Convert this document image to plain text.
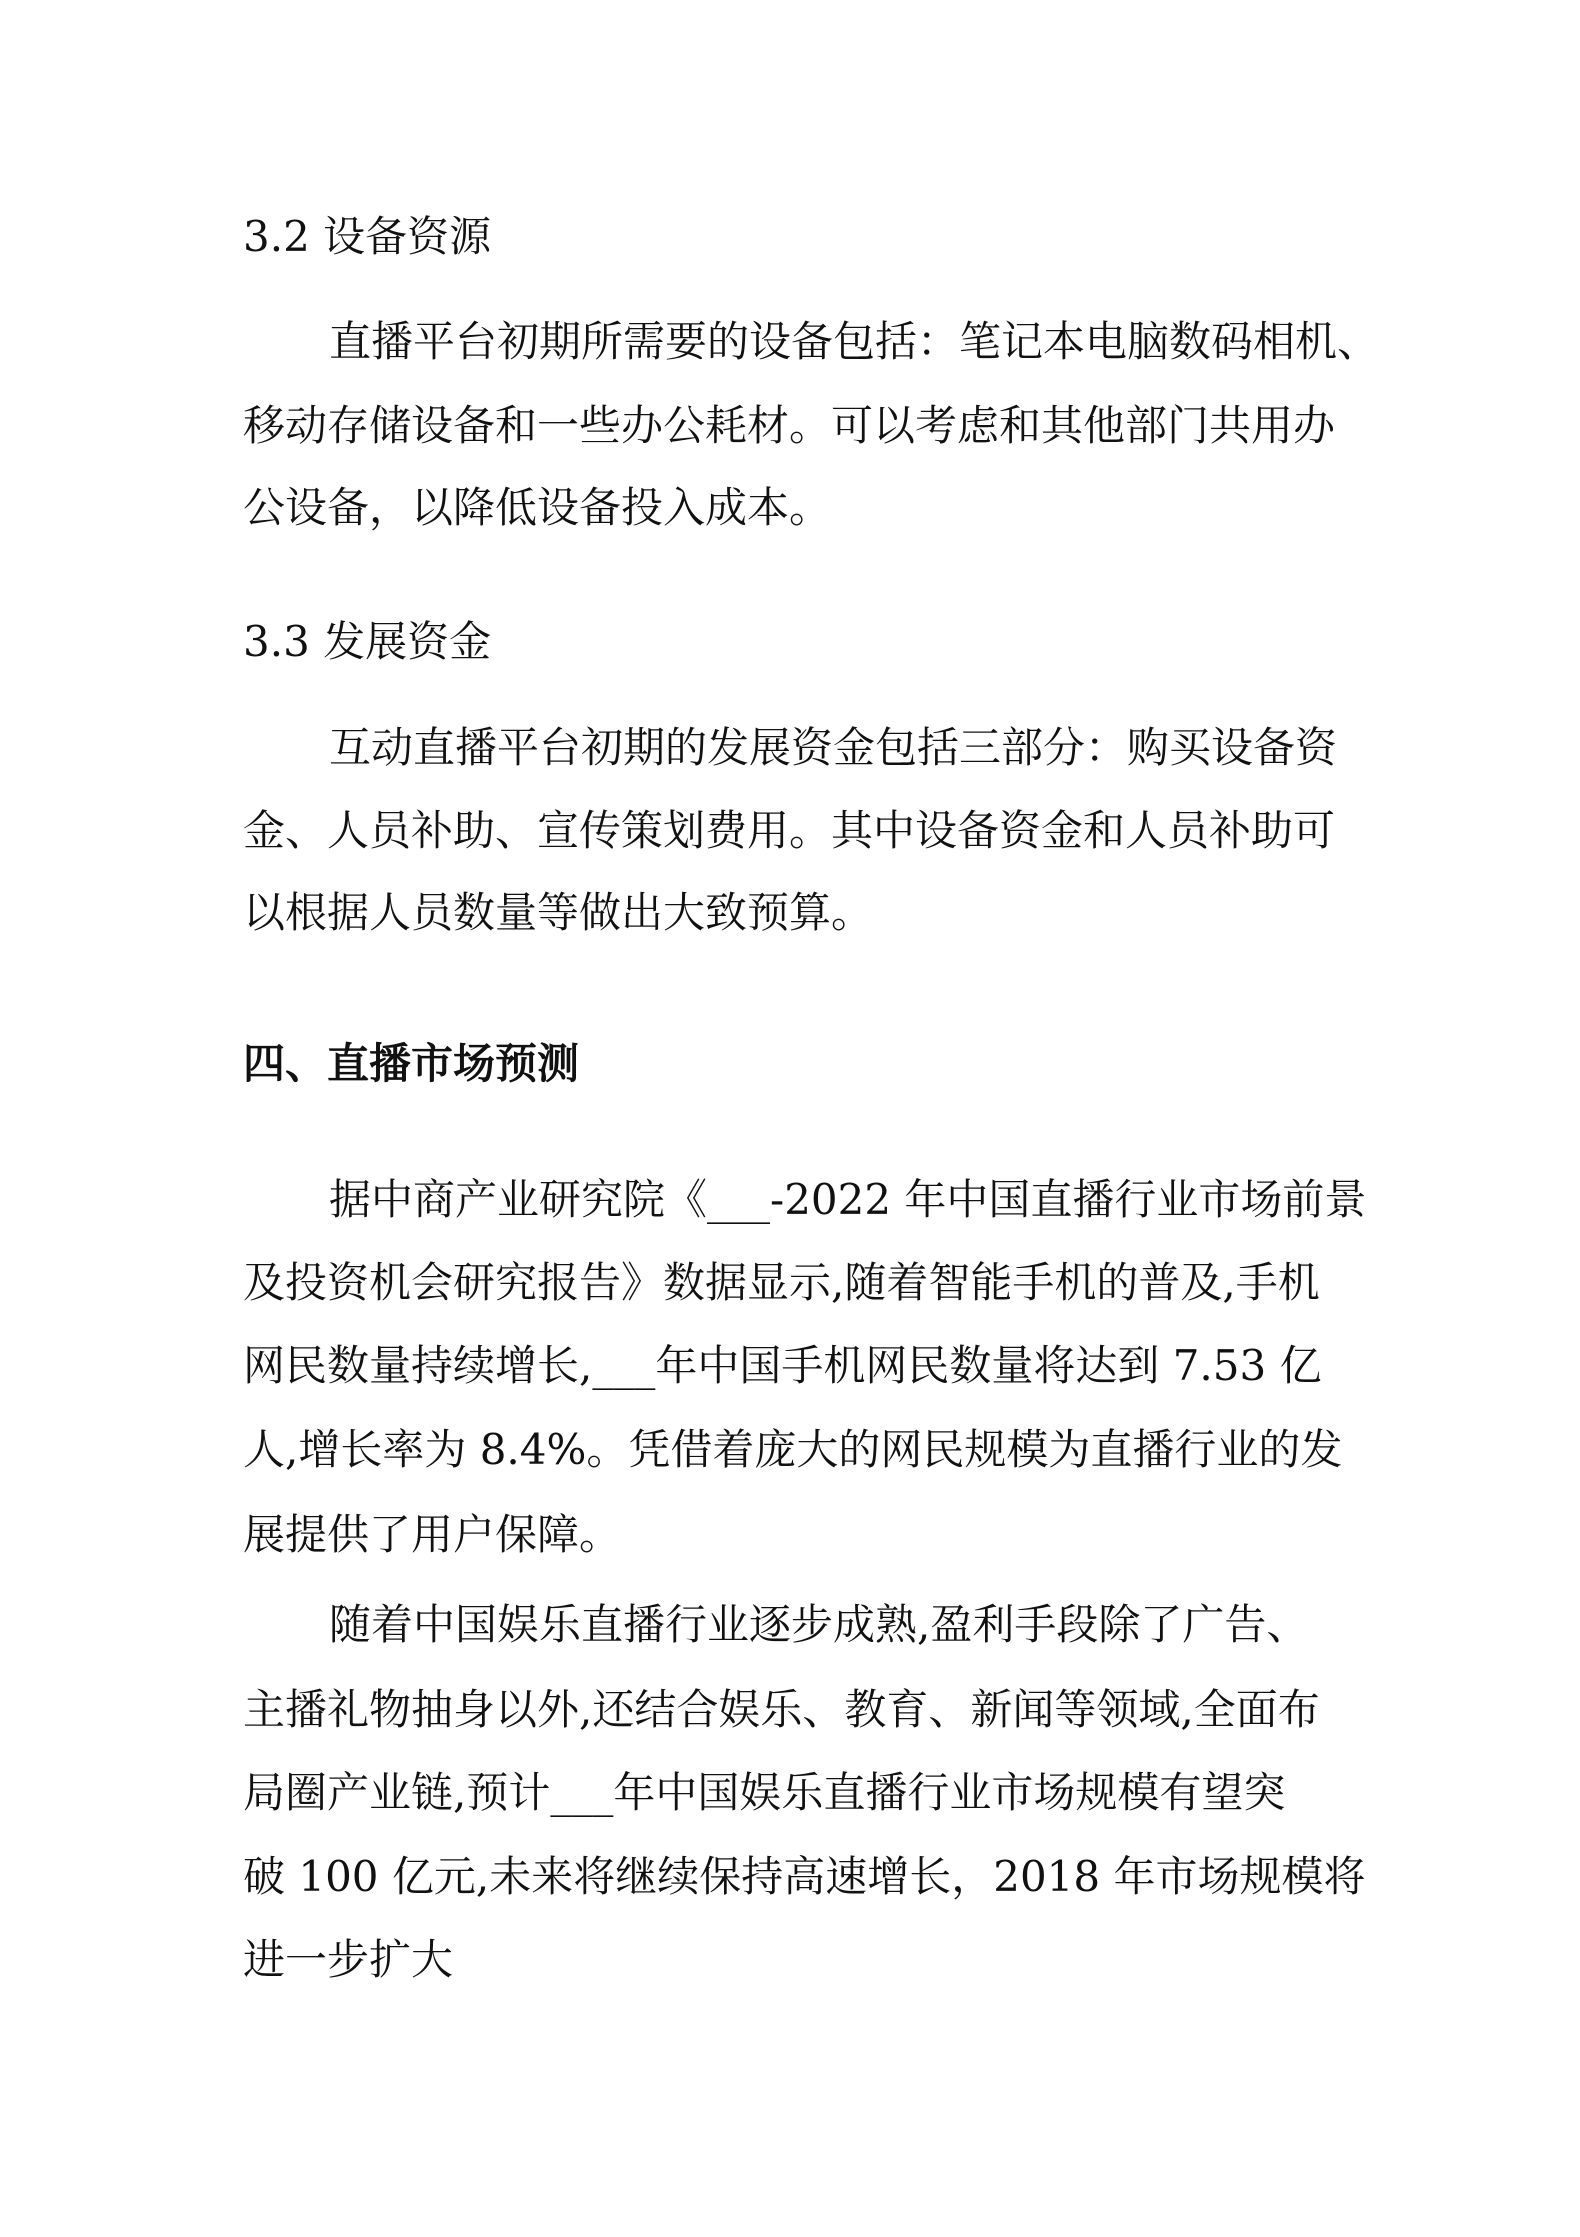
3.2 设备资源
直播平台初期所需要的设备包括：笔记本电脑数码相机、
移动存储设备和一些办公耗材。可以考虑和其他部门共用办
公设备，以降低设备投入成本。
3.3 发展资金
互动直播平台初期的发展资金包括三部分：购买设备资
金、人员补助、宣传策划费用。其中设备资金和人员补助可
以根据人员数量等做出大致预算。
四、直播市场预测
据中商产业研究院《___-2022 年中国直播行业市场前景
及投资机会研究报告》数据显示,随着智能手机的普及,手机
网民数量持续增长,___年中国手机网民数量将达到 7.53 亿
人,增长率为 8.4%。凭借着庞大的网民规模为直播行业的发
展提供了用户保障。
随着中国娱乐直播行业逐步成熟,盈利手段除了广告、
主播礼物抽身以外,还结合娱乐、教育、新闻等领域,全面布
局圈产业链,预计___年中国娱乐直播行业市场规模有望突
破 100 亿元,未来将继续保持高速增长，2018 年市场规模将
进一步扩大
